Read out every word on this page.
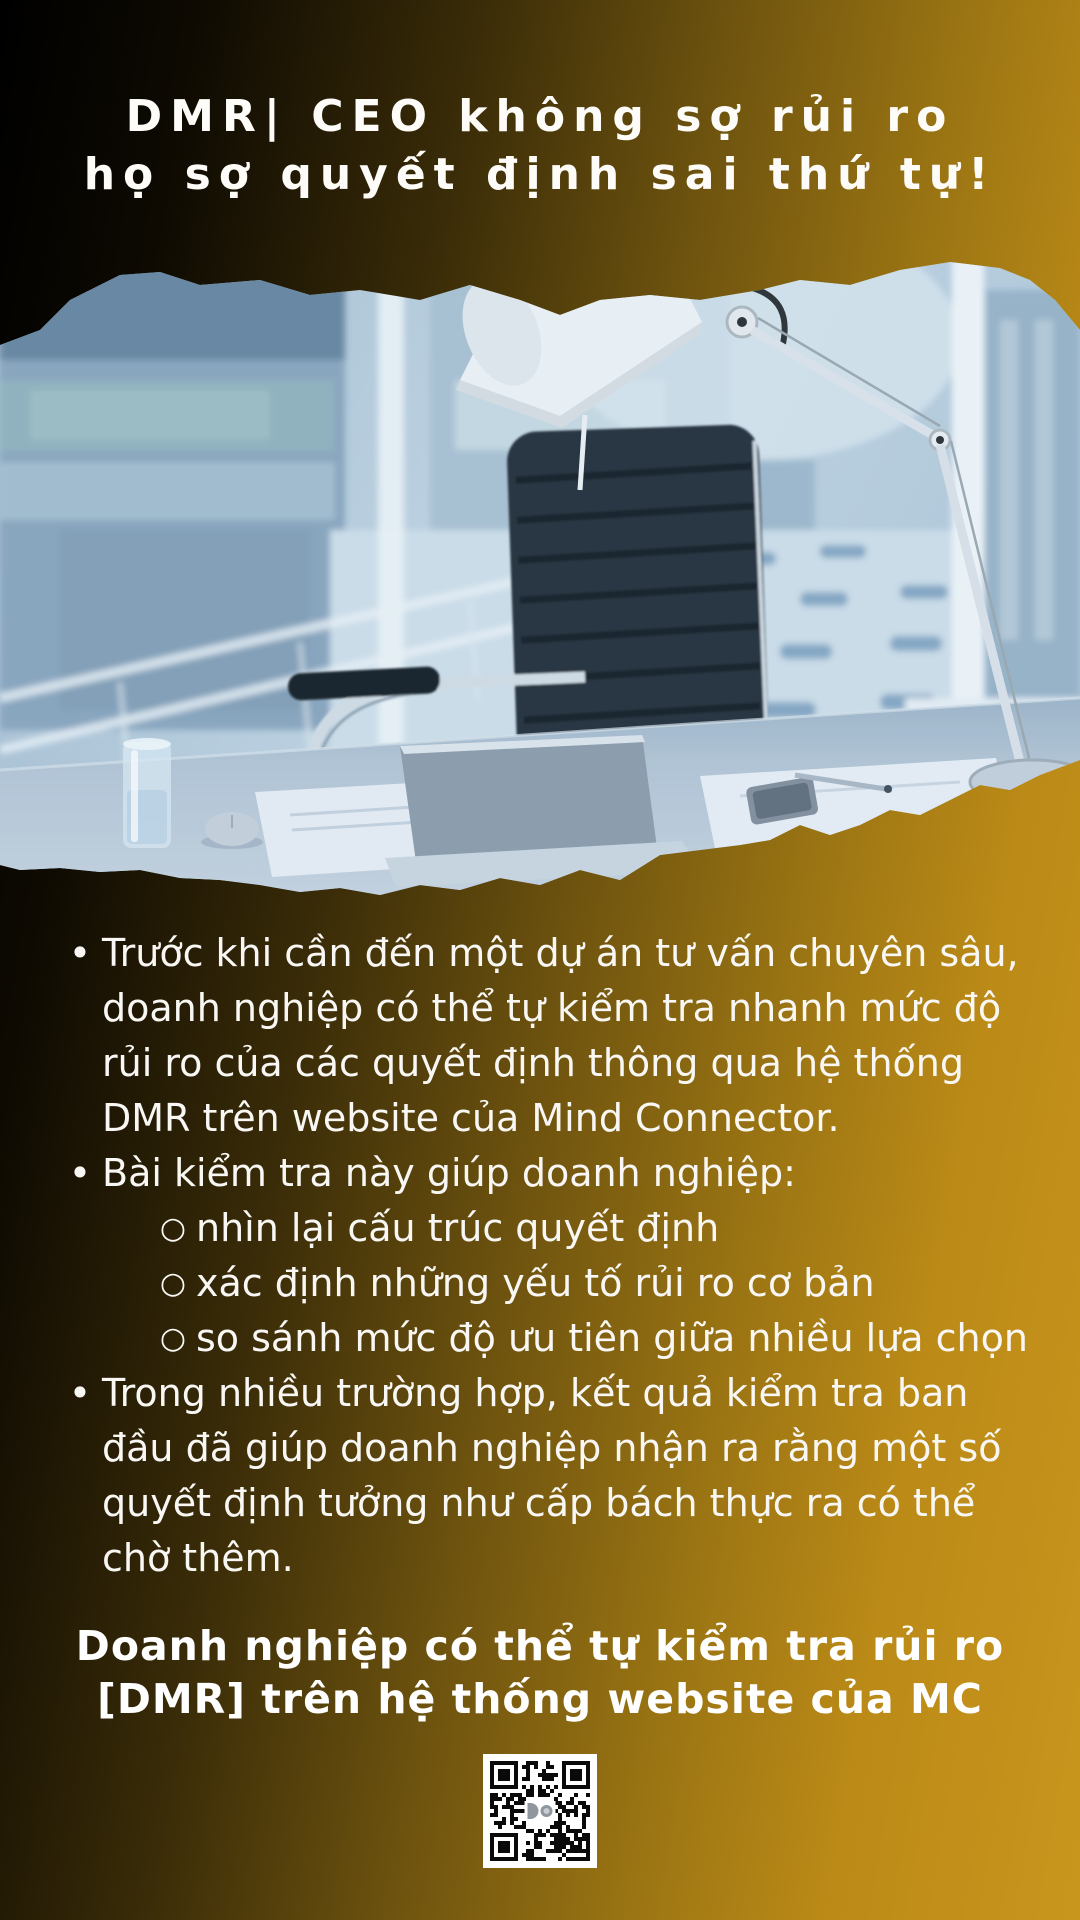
DMR| CEO không sợ rủi ro
họ sợ quyết định sai thứ tự!
• Trước khi cần đến một dự án tư vấn chuyên sâu, doanh nghiệp có thể tự kiểm tra nhanh mức độ rủi ro của các quyết định thông qua hệ thống DMR trên website của Mind Connector.
• Bài kiểm tra này giúp doanh nghiệp:
○ nhìn lại cấu trúc quyết định
○ xác định những yếu tố rủi ro cơ bản
○ so sánh mức độ ưu tiên giữa nhiều lựa chọn
• Trong nhiều trường hợp, kết quả kiểm tra ban đầu đã giúp doanh nghiệp nhận ra rằng một số quyết định tưởng như cấp bách thực ra có thể chờ thêm.
Doanh nghiệp có thể tự kiểm tra rủi ro
[DMR] trên hệ thống website của MC
